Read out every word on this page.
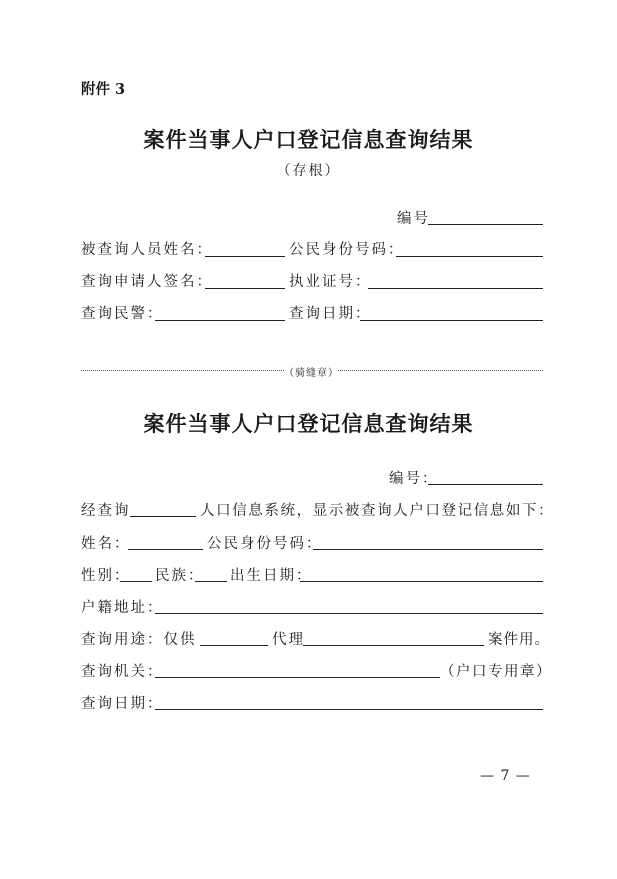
附件 3
案件当事人户口登记信息查询结果
（存根）
编号
被查询人员姓名：	公民身份号码：
查询申请人签名：	执业证号：
查询民警：	查询日期：
（骑缝章）
案件当事人户口登记信息查询结果
编号：
经查询	人口信息系统，显示被查询人户口登记信息如下：
姓名：	公民身份号码：
性别： 民族： 出生日期：
户籍地址：
查询用途：仅供	代理	案件用。
查询机关：	（户口专用章）
查询日期：
— 7 —
